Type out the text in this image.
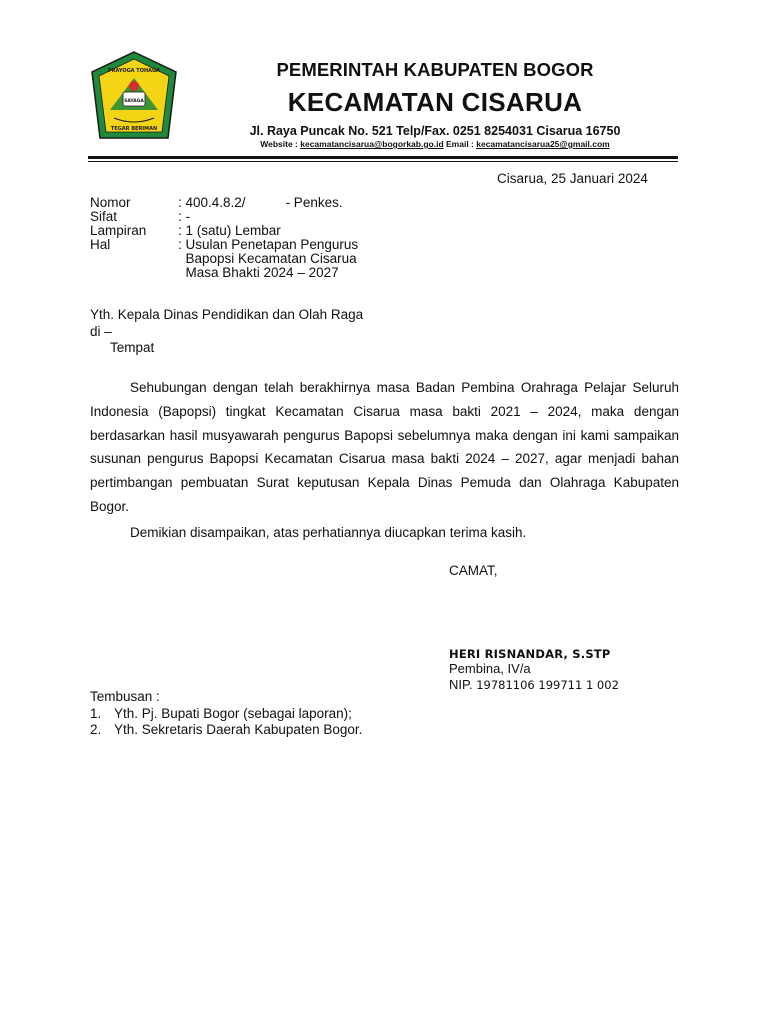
PRAYOGA TOHAGA
SAYAGA
TEGAR BERIMAN
PEMERINTAH KABUPATEN BOGOR
KECAMATAN CISARUA
Jl. Raya Puncak No. 521 Telp/Fax. 0251 8254031 Cisarua 16750
Website : kecamatancisarua@bogorkab.go.id Email : kecamatancisarua25@gmail.com
Cisarua, 25 Januari 2024
Nomor	: 400.4.8.2/	- Penkes.
Sifat	: -
Lampiran	: 1 (satu) Lembar
Hal	: Usulan Penetapan Pengurus
Bapopsi Kecamatan Cisarua
Masa Bhakti 2024 – 2027
Yth. Kepala Dinas Pendidikan dan Olah Raga
di –
Tempat

Sehubungan dengan telah berakhirnya masa Badan Pembina Orahraga Pelajar Seluruh Indonesia (Bapopsi) tingkat Kecamatan Cisarua masa bakti 2021 – 2024, maka dengan berdasarkan hasil musyawarah pengurus Bapopsi sebelumnya maka dengan ini kami sampaikan susunan pengurus Bapopsi Kecamatan Cisarua masa bakti 2024 – 2027, agar menjadi bahan pertimbangan pembuatan Surat keputusan Kepala Dinas Pemuda dan Olahraga Kabupaten Bogor.

Demikian disampaikan, atas perhatiannya diucapkan terima kasih.

CAMAT,
HERI RISNANDAR, S.STP
Pembina, IV/a
NIP. 19781106 199711 1 002
Tembusan :
1. Yth. Pj. Bupati Bogor (sebagai laporan);
2. Yth. Sekretaris Daerah Kabupaten Bogor.
